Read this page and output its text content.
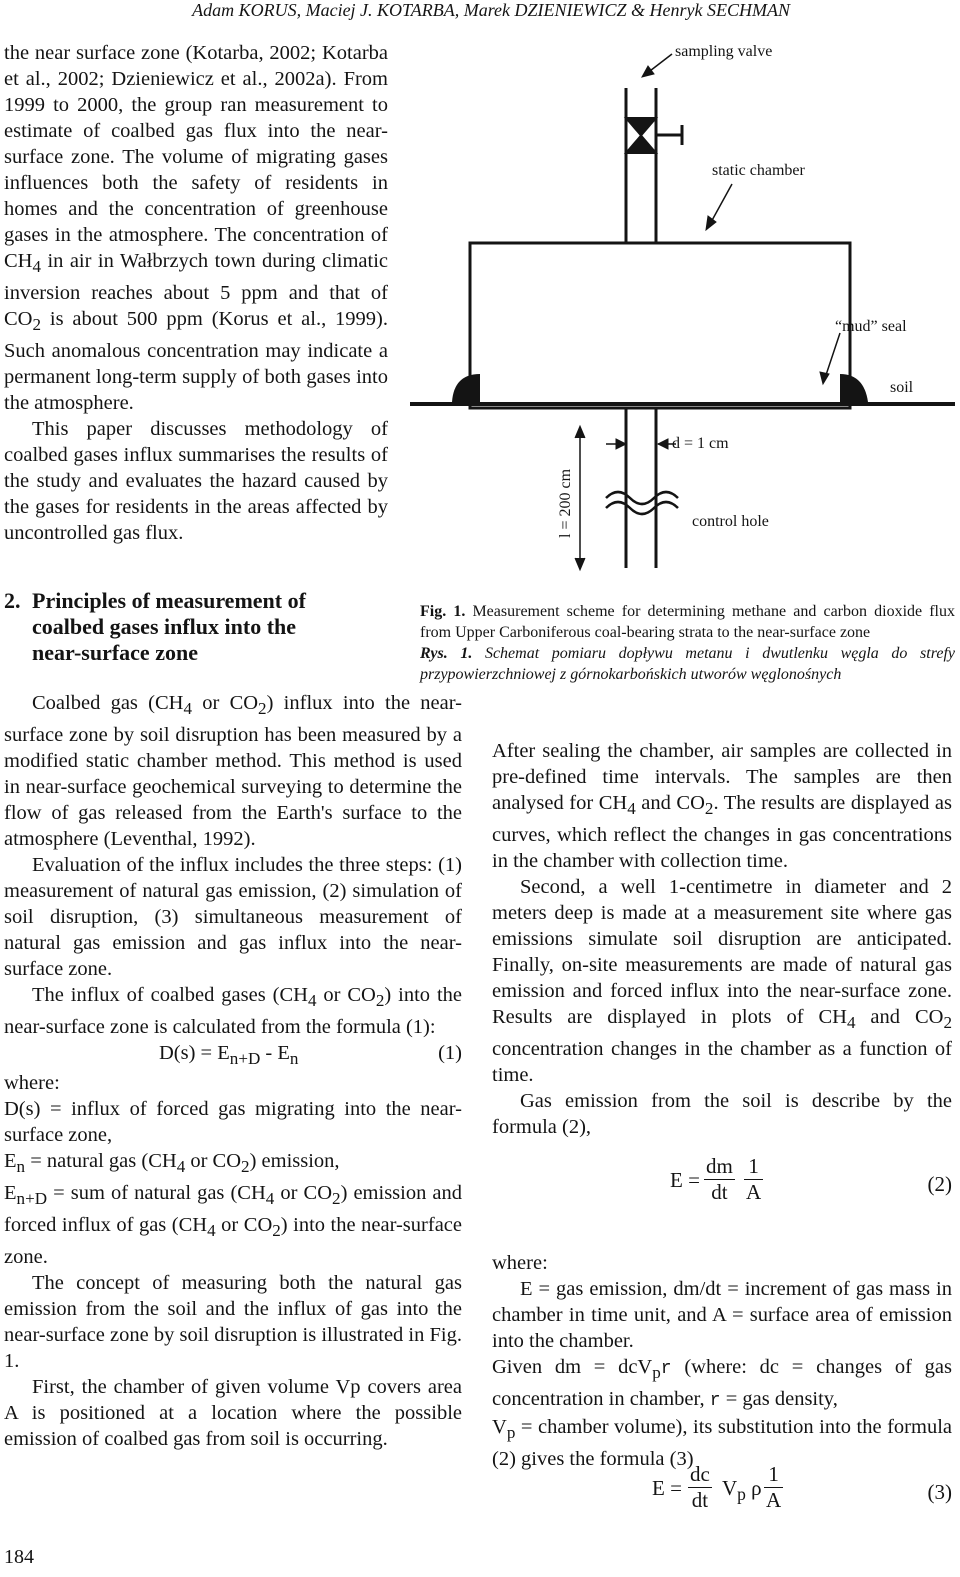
Adam KORUS, Maciej J. KOTARBA, Marek DZIENIEWICZ & Henryk SECHMAN

the near surface zone (Kotarba, 2002; Kotarba et al., 2002; Dzieniewicz et al., 2002a). From 1999 to 2000, the group ran measurement to estimate of coalbed gas flux into the near-surface zone. The volume of migrating gases influences both the safety of residents in homes and the concentration of greenhouse gases in the atmosphere. The concentration of $CH_4$ in air in Wałbrzych town during climatic inversion reaches about 5 ppm and that of $CO_2$ is about 500 ppm (Korus et al., 1999). Such anomalous concentration may indicate a permanent long-term supply of both gases into the atmosphere.

This paper discusses methodology of coalbed gases influx summarises the results of the study and evaluates the hazard caused by the gases for residents in the areas affected by uncontrolled gas flux.

sampling valve
static chamber
“mud” seal
soil
d = 1 cm
control hole
l = 200 cm
2. Principles of measurement of
coalbed gases influx into the
near-surface zone

Fig. 1. Measurement scheme for determining methane and carbon dioxide flux from Upper Carboniferous coal-bearing strata to the near-surface zone

Rys. 1. Schemat pomiaru dopływu metanu i dwutlenku węgla do strefy przypowierzchniowej z górnokarbońskich utworów węglonośnych

Coalbed gas ($CH_4$ or $CO_2$) influx into the near-surface zone by soil disruption has been measured by a modified static chamber method. This method is used in near-surface geochemical surveying to determine the flow of gas released from the Earth's surface to the atmosphere (Leventhal, 1992).

Evaluation of the influx includes the three steps: (1) measurement of natural gas emission, (2) simulation of soil disruption, (3) simultaneous measurement of natural gas emission and gas influx into the near-surface zone.

The influx of coalbed gases ($CH_4$ or $CO_2$) into the near-surface zone is calculated from the formula (1):

$D(s) = E_{n+D} - E_n$	(1)

where:

D(s) = influx of forced gas migrating into the near-surface zone,

$E_n$ = natural gas ($CH_4$ or $CO_2$) emission,

$E_{n+D}$ = sum of natural gas ($CH_4$ or $CO_2$) emission and forced influx of gas ($CH_4$ or $CO_2$) into the near-surface zone.

The concept of measuring both the natural gas emission from the soil and the influx of gas into the near-surface zone by soil disruption is illustrated in Fig. 1.

First, the chamber of given volume Vp covers area A is positioned at a location where the possible emission of coalbed gas from soil is occurring.

After sealing the chamber, air samples are collected in pre-defined time intervals. The samples are then analysed for $CH_4$ and $CO_2$. The results are displayed as curves, which reflect the changes in gas concentrations in the chamber with collection time.

Second, a well 1-centimetre in diameter and 2 meters deep is made at a measurement site where gas emissions simulate soil disruption are anticipated. Finally, on-site measurements are made of natural gas emission and forced influx into the near-surface zone. Results are displayed in plots of $CH_4$ and $CO_2$ concentration changes in the chamber as a function of time.

Gas emission from the soil is describe by the formula (2),

where:

E = gas emission, dm/dt = increment of gas mass in chamber in time unit, and A = surface area of emission into the chamber.

Given dm = dcV$_p$r (where: dc = changes of gas concentration in chamber, r = gas density,
$V_p$ = chamber volume), its substitution into the formula (2) gives the formula (3)

$E = \frac{dm}{dt} \frac{1}{A}$	(2)
$E = \frac{dc}{dt} V_p$ ρ $\frac{1}{A}$	(3)
184
